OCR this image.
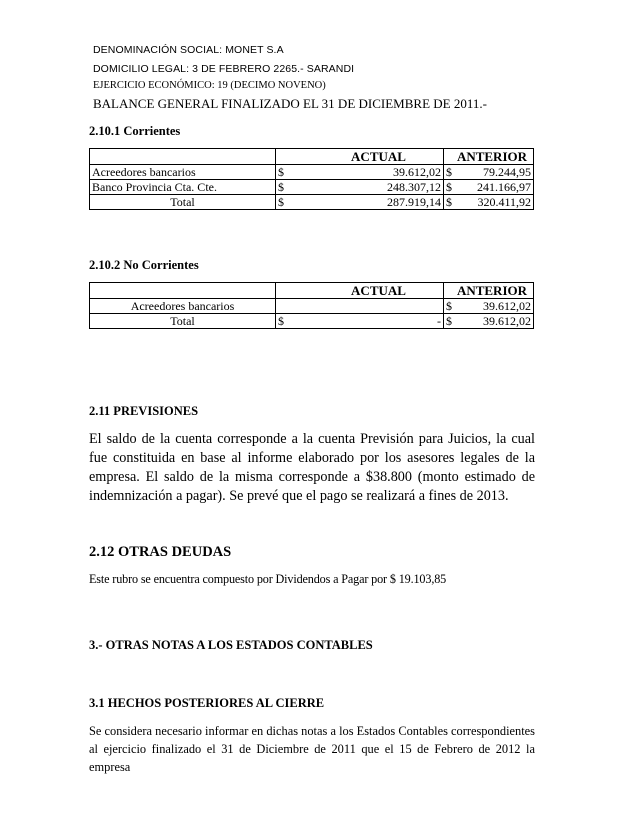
DENOMINACIÓN SOCIAL: MONET S.A
DOMICILIO LEGAL: 3 DE FEBRERO 2265.- SARANDI
EJERCICIO ECONÓMICO: 19 (DECIMO NOVENO)
BALANCE GENERAL FINALIZADO EL 31 DE DICIEMBRE DE 2011.-
2.10.1 Corrientes
	ACTUAL		ANTERIOR	
Acreedores bancarios	$	39.612,02	$	79.244,95
Banco Provincia Cta. Cte.	$	248.307,12	$	241.166,97
Total	$	287.919,14	$	320.411,92
2.10.2 No Corrientes
	ACTUAL		ANTERIOR	
Acreedores bancarios			$	39.612,02
Total	$	-	$	39.612,02
2.11 PREVISIONES
El saldo de la cuenta corresponde a la cuenta Previsión para Juicios, la cual fue constituida en base al informe elaborado por los asesores legales de la empresa. El saldo de la misma corresponde a $38.800 (monto estimado de indemnización a pagar). Se prevé que el pago se realizará a fines de 2013.
2.12 OTRAS DEUDAS
Este rubro se encuentra compuesto por Dividendos a Pagar por $ 19.103,85
3.- OTRAS NOTAS A LOS ESTADOS CONTABLES
3.1 HECHOS POSTERIORES AL CIERRE
Se considera necesario informar en dichas notas a los Estados Contables correspondientes al ejercicio finalizado el 31 de Diciembre de 2011 que el 15 de Febrero de 2012 la empresa
